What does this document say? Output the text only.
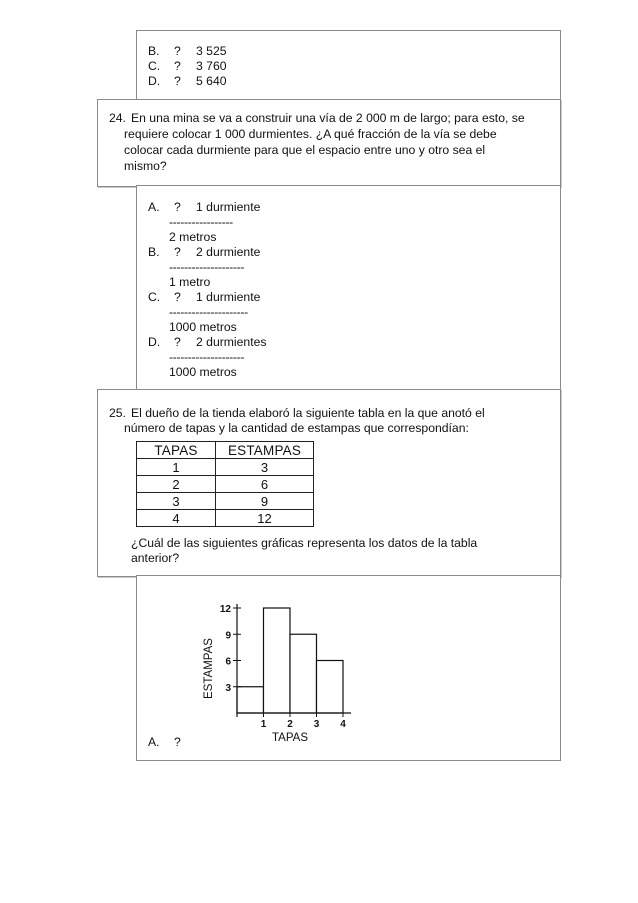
B. ? 3 525
C. ? 3 760
D. ? 5 640
24. En una mina se va a construir una vía de 2 000 m de largo; para esto, se
requiere colocar 1 000 durmientes. ¿A qué fracción de la vía se debe
colocar cada durmiente para que el espacio entre uno y otro sea el
mismo?
A. ? 1 durmiente
-----------------
2 metros
B. ? 2 durmiente
--------------------
1 metro
C. ? 1 durmiente
---------------------
1000 metros
D. ? 2 durmientes
--------------------
1000 metros
25. El dueño de la tienda elaboró la siguiente tabla en la que anotó el
número de tapas y la cantidad de estampas que correspondían:
TAPAS	ESTAMPAS
1	3
2	6
3	9
4	12
¿Cuál de las siguientes gráficas representa los datos de la tabla
anterior?
3
6
9
12
1 2 3 4
TAPAS
ESTAMPAS
A. ?
